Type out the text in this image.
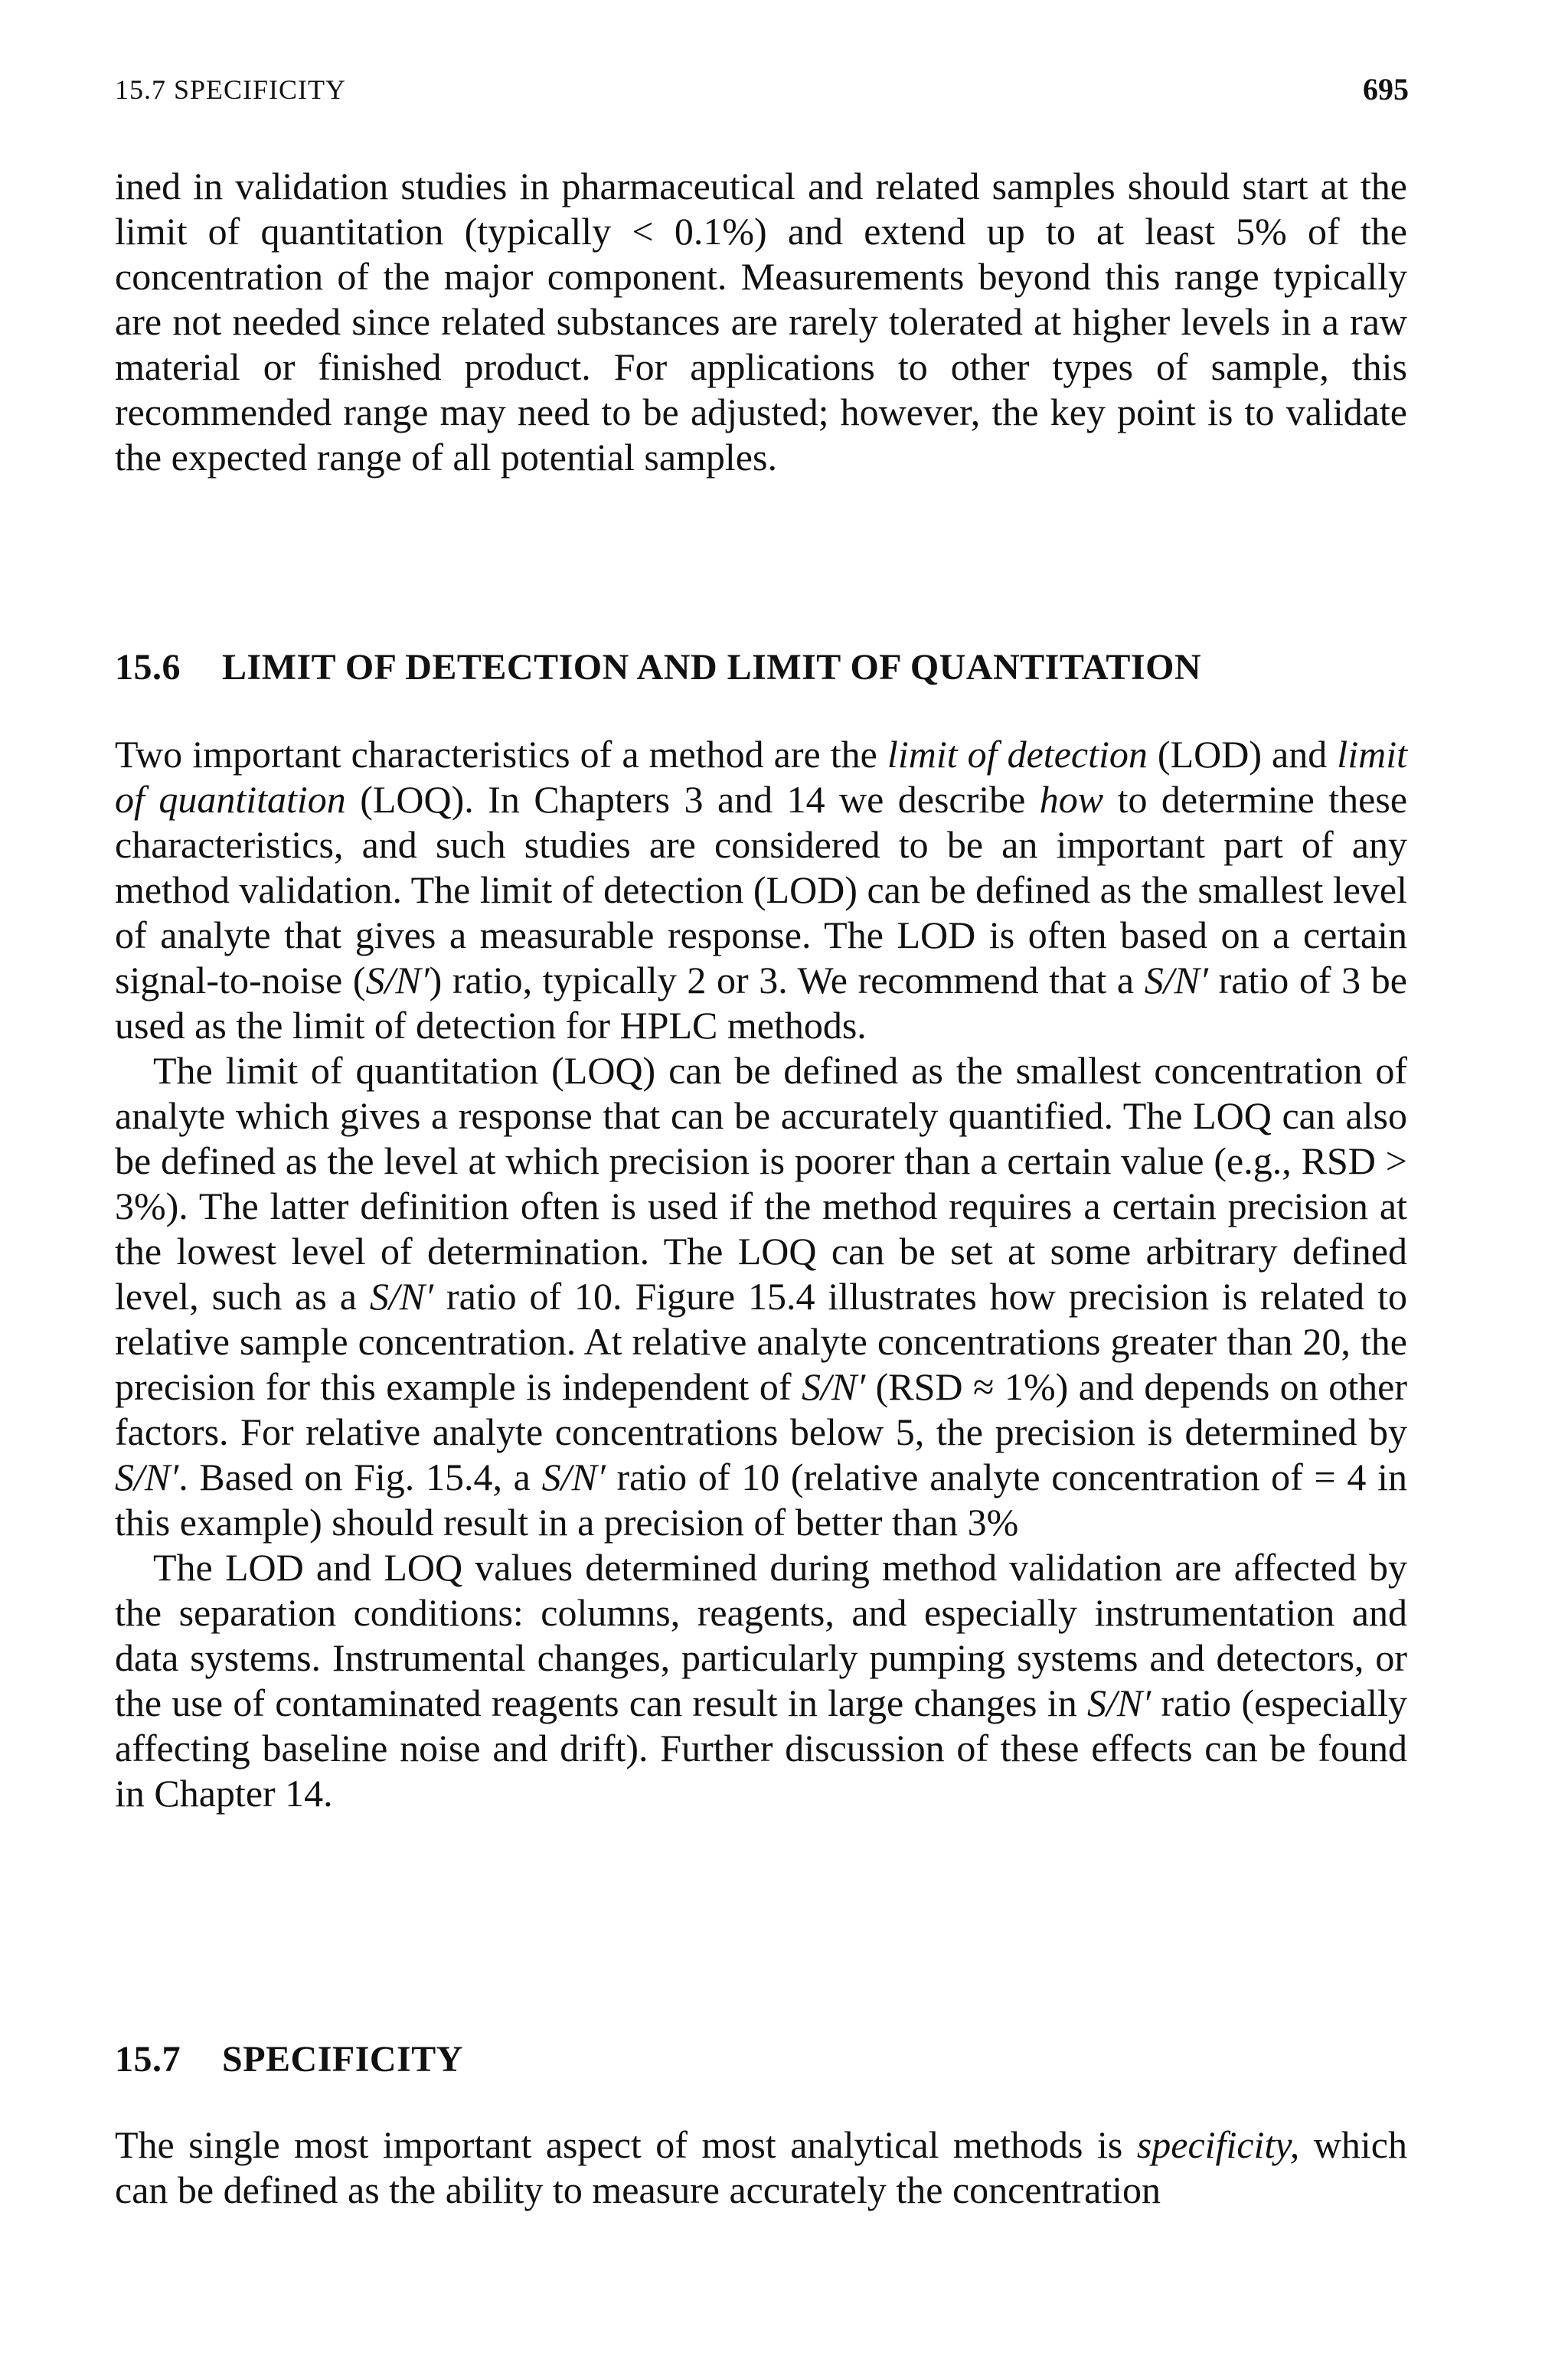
15.7 SPECIFICITY	695

ined in validation studies in pharmaceutical and related samples should start at the limit of quantitation (typically < 0.1%) and extend up to at least 5% of the concentration of the major component. Measurements beyond this range typically are not needed since related substances are rarely tolerated at higher levels in a raw material or finished product. For applications to other types of sample, this recommended range may need to be adjusted; however, the key point is to validate the expected range of all potential samples.

15.6 LIMIT OF DETECTION AND LIMIT OF QUANTITATION

Two important characteristics of a method are the limit of detection (LOD) and limit of quantitation (LOQ). In Chapters 3 and 14 we describe how to determine these characteristics, and such studies are considered to be an important part of any method validation. The limit of detection (LOD) can be defined as the smallest level of analyte that gives a measurable response. The LOD is often based on a certain signal-to-noise (S/N′) ratio, typically 2 or 3. We recommend that a S/N′ ratio of 3 be used as the limit of detection for HPLC methods.

The limit of quantitation (LOQ) can be defined as the smallest concentration of analyte which gives a response that can be accurately quantified. The LOQ can also be defined as the level at which precision is poorer than a certain value (e.g., RSD > 3%). The latter definition often is used if the method requires a certain precision at the lowest level of determination. The LOQ can be set at some arbitrary defined level, such as a S/N′ ratio of 10. Figure 15.4 illustrates how precision is related to relative sample concentration. At relative analyte concentrations greater than 20, the precision for this example is independent of S/N′ (RSD ≈ 1%) and depends on other factors. For relative analyte concentrations below 5, the precision is determined by S/N′. Based on Fig. 15.4, a S/N′ ratio of 10 (relative analyte concentration of = 4 in this example) should result in a precision of better than 3%

The LOD and LOQ values determined during method validation are affected by the separation conditions: columns, reagents, and especially instrumentation and data systems. Instrumental changes, particularly pumping systems and detectors, or the use of contaminated reagents can result in large changes in S/N′ ratio (especially affecting baseline noise and drift). Further discussion of these effects can be found in Chapter 14.

15.7 SPECIFICITY

The single most important aspect of most analytical methods is specificity, which can be defined as the ability to measure accurately the concentration
